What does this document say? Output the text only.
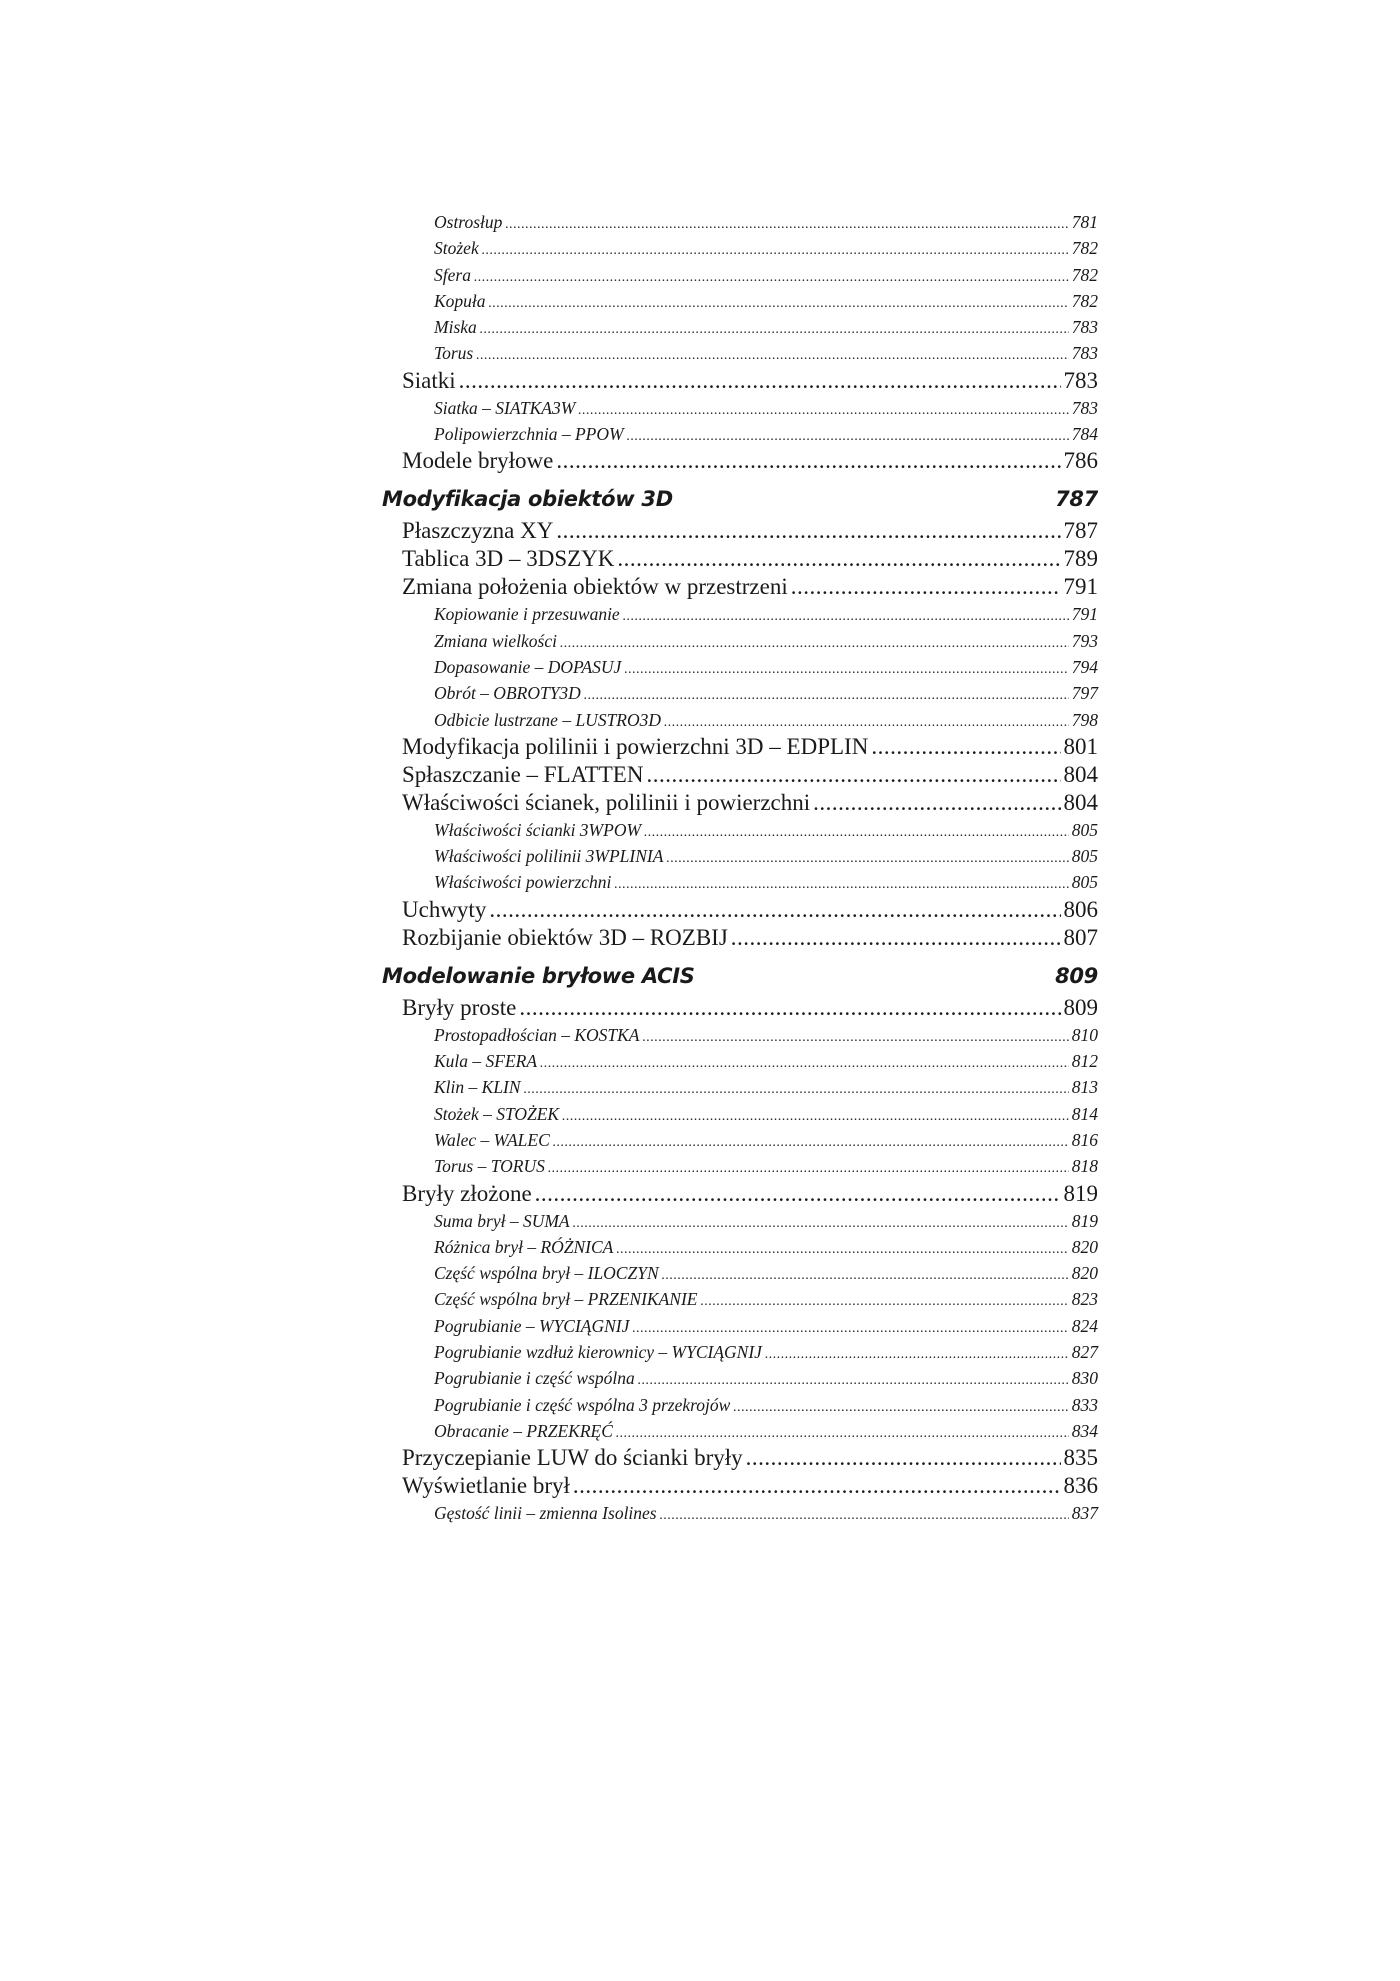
Ostrosłup .....	781
Stożek .....	782
Sfera .....	782
Kopuła .....	782
Miska .....	783
Torus .....	783
Siatki .....	783
Siatka – SIATKA3W .....	783
Polipowierzchnia – PPOW .....	784
Modele bryłowe .....	786
Modyfikacja obiektów 3D	787
Płaszczyzna XY .....	787
Tablica 3D – 3DSZYK .....	789
Zmiana położenia obiektów w przestrzeni .....	791
Kopiowanie i przesuwanie .....	791
Zmiana wielkości .....	793
Dopasowanie – DOPASUJ .....	794
Obrót – OBROTY3D .....	797
Odbicie lustrzane – LUSTRO3D .....	798
Modyfikacja polilinii i powierzchni 3D – EDPLIN .....	801
Spłaszczanie – FLATTEN .....	804
Właściwości ścianek, polilinii i powierzchni .....	804
Właściwości ścianki 3WPOW .....	805
Właściwości polilinii 3WPLINIA .....	805
Właściwości powierzchni .....	805
Uchwyty .....	806
Rozbijanie obiektów 3D – ROZBIJ .....	807
Modelowanie bryłowe ACIS	809
Bryły proste .....	809
Prostopadłościan – KOSTKA .....	810
Kula – SFERA .....	812
Klin – KLIN .....	813
Stożek – STOŻEK .....	814
Walec – WALEC .....	816
Torus – TORUS .....	818
Bryły złożone .....	819
Suma brył – SUMA .....	819
Różnica brył – RÓŻNICA .....	820
Część wspólna brył – ILOCZYN .....	820
Część wspólna brył – PRZENIKANIE .....	823
Pogrubianie – WYCIĄGNIJ .....	824
Pogrubianie wzdłuż kierownicy – WYCIĄGNIJ .....	827
Pogrubianie i część wspólna .....	830
Pogrubianie i część wspólna 3 przekrojów .....	833
Obracanie – PRZEKRĘĆ .....	834
Przyczepianie LUW do ścianki bryły .....	835
Wyświetlanie brył .....	836
Gęstość linii – zmienna Isolines .....	837
